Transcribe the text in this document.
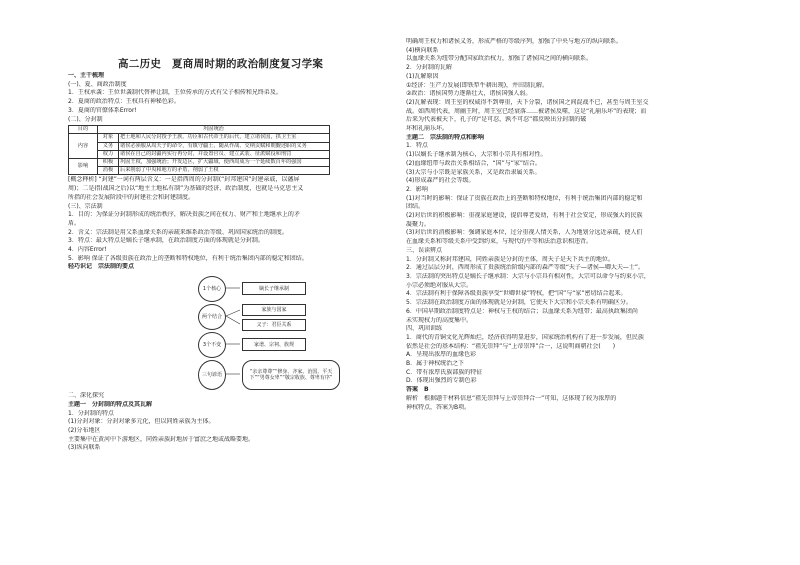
高二历史　夏商周时期的政治制度复习学案
一、主干梳理
(一)、夏、商政治制度
1．王权承袭：王位世袭制代替禅让制，王位传承的方式有父子相传和兄终弟及。
2．夏商的政治特点：王权具有神秘色彩。
3．夏商的官僚体系Error!
(二)、分封制
目的	巩固统治	
内容	对象	把土地和人民分封授予王族、功臣和古代帝王的后代，建立诸侯国，拱卫王室
	义务	诸侯必须服从周天子的命令，有镇守疆土、随从作战、交纳贡赋和朝觐述职的义务
	权力	诸侯在自己的封疆内实行再分封，并设置官员、建立武装、征派赋役和刑罚
影响	积极	巩固王权，加强统治；开发边区，扩大疆域，使西周成为一个延续数百年的强国
	消极	后来削弱了中央和地方的矛盾，削弱了王权
[概念释析] “封建”一词有两层含义：一是指西周的分封制(“封邦建国”封建亲戚，以藩屏
周)；二是指(战国之后)以“地主土地私有制”为基础的经济、政治制度，也就是马克思主义
所指的社会发展阶段中的封建社会和封建制度。
(三)、宗法制
1．目的：为保证分封制形成的统治秩序，解决贵族之间在权力、财产和土地继承上的矛
盾。
2．含义：宗法制是用父系血缘关系的亲疏来维系政治等级、巩固国家统治的制度。
3．特点：最大特点是嫡长子继承制，在政治制度方面的体现就是分封制。
4．内容Error!
5．影响 保证了各级贵族在政治上的垄断和特权地位，有利于统治集团内部的稳定和团结。
轻巧识记　宗法制的要点
1个核心	嫡长子继承制
两个结合
家族与国家
父子：君臣关系
3个不变	家谱、宗祠、族规
三句谚语	“亲亲尊尊”“修身、齐家、治国、平天下”“男尊女卑”“敬宗收族、尊卑有序”
二、深化探究
主题一　分封制的特点及其瓦解
1．分封制的特点
(1)分封对象：分封对象多元化，但以同姓亲族为主体。
(2)分布地区
主要集中在黄河中下游地区，同姓亲族封地居于富庶之地或战略要地。
(3)纵向联系
明确周王权力和诸侯义务，形成严格的等级序列，加强了中央与地方的纵向联系。
(4)横向联系
以血缘关系为纽带分配国家政治权力，加强了诸侯国之间的横向联系。
2．分封制的瓦解
(1)瓦解原因
①经济：生产力发展(即铁犁牛耕出现)，井田制瓦解。
②政治：诸侯国势力逐渐壮大，诸侯国强人弱。
(2)瓦解表现：周王室的权威得不到尊重，天下分裂，诸侯国之间混战不已，甚至与周王室交
战。如西周代表，周幽王时，周王室已经衰落……被诸侯反噬，这是“礼崩乐坏”的表现；而
后来为代表被天下，孔子的“是可忍，孰不可忍”都反映出分封制的破
坏和礼崩乐坏。
主题二　宗法制的特点和影响
1．特点
(1)以嫡长子继承制为核心，大宗和小宗具有相对性。
(2)血缘纽带与政治关系相结合，“国”与“家”结合。
(3)大宗与小宗既是家族关系，又是政治隶属关系。
(4)形成森严的社会等级。
2．影响
(1)对当时的影响：保证了贵族在政治上的垄断和特权地位，有利于统治集团内部的稳定和
团结。
(2)对后世的积极影响：重视家庭建设，提倡尊老爱幼，有利于社会安定，形成强大的民族
凝聚力。
(3)对后世的消极影响：强调家庭本位，过分重视人情关系，人为地划分远近亲疏，使人们
在血缘关系和等级关系中受到约束，与现代的平等和法治意识相违背。
三、误读辨点
1．分封制又称封邦建国，同姓亲族是分封的主体，周天子是天下共主的地位。
2．通过层层分封，西周形成了贵族统治阶级内部的森严等级“天子—诸侯—卿大夫—士”。
3．宗法制的突出特点是嫡长子继承制：大宗与小宗具有相对性，大宗可以命令与约束小宗，
小宗必须绝对服从大宗。
4．宗法制有利于保障各级贵族享受“世卿世禄”特权，把“国”与“家”密切结合起来。
5．宗法制在政治制度方面的体现就是分封制，它使天下大宗和小宗关系有明确区分。
6．中国早期政治制度特点是：神权与王权的结合；以血缘关系为纽带；最高执政集团尚
未实现权力的高度集中。
四、巩固训练
1．商代的青铜文化光辉灿烂，经济获得明显进步，国家统治机构有了进一步发展，但民族
依然是社会的基本结构：“祖先崇拜”与“上帝崇拜”合一，这说明商朝社会(　　)
A．呈现出浓厚的血缘色彩
B．属于神权统治之下
C．带有浓厚氏族部族的特征
D．体现出强烈的专制色彩
答案　B
解析　根据题干材料信息“祖先崇拜与上帝崇拜合一”可知，这体现了较为浓厚的
神权特点，答案为B项。
